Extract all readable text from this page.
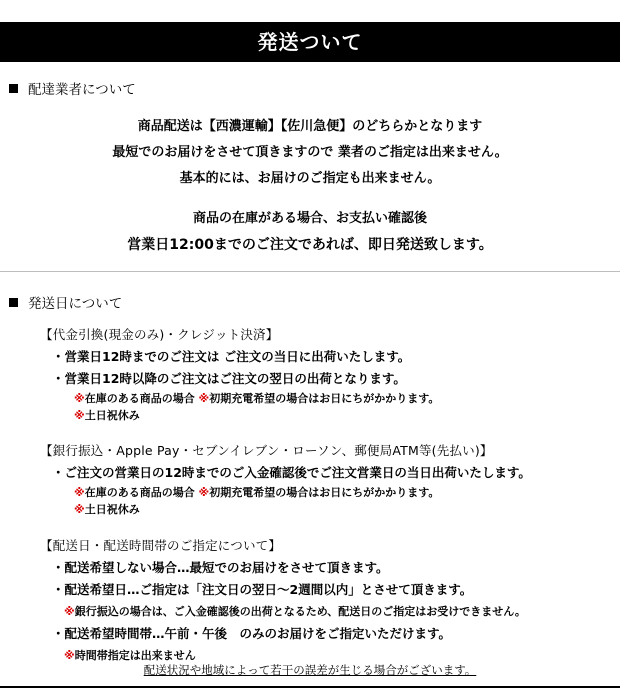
発送ついて
配達業者について
商品配送は【西濃運輸】【佐川急便】のどちらかとなります
最短でのお届けをさせて頂きますので 業者のご指定は出来ません。
基本的には、お届けのご指定も出来ません。
商品の在庫がある場合、お支払い確認後
営業日12:00までのご注文であれば、即日発送致します。
発送日について
【代金引換(現金のみ)・クレジット決済】
・営業日12時までのご注文は ご注文の当日に出荷いたします。
・営業日12時以降のご注文はご注文の翌日の出荷となります。
※在庫のある商品の場合 ※初期充電希望の場合はお日にちがかかります。
※土日祝休み
【銀行振込・Apple Pay・セブンイレブン・ローソン、郵便局ATM等(先払い)】
・ご注文の営業日の12時までのご入金確認後でご注文営業日の当日出荷いたします。
※在庫のある商品の場合 ※初期充電希望の場合はお日にちがかかります。
※土日祝休み
【配送日・配送時間帯のご指定について】
・配送希望しない場合…最短でのお届けをさせて頂きます。
・配送希望日…ご指定は「注文日の翌日～2週間以内」とさせて頂きます。
※銀行振込の場合は、ご入金確認後の出荷となるため、配送日のご指定はお受けできません。
・配送希望時間帯…午前・午後　のみのお届けをご指定いただけます。
※時間帯指定は出来ません
配送状況や地域によって若干の誤差が生じる場合がございます。
